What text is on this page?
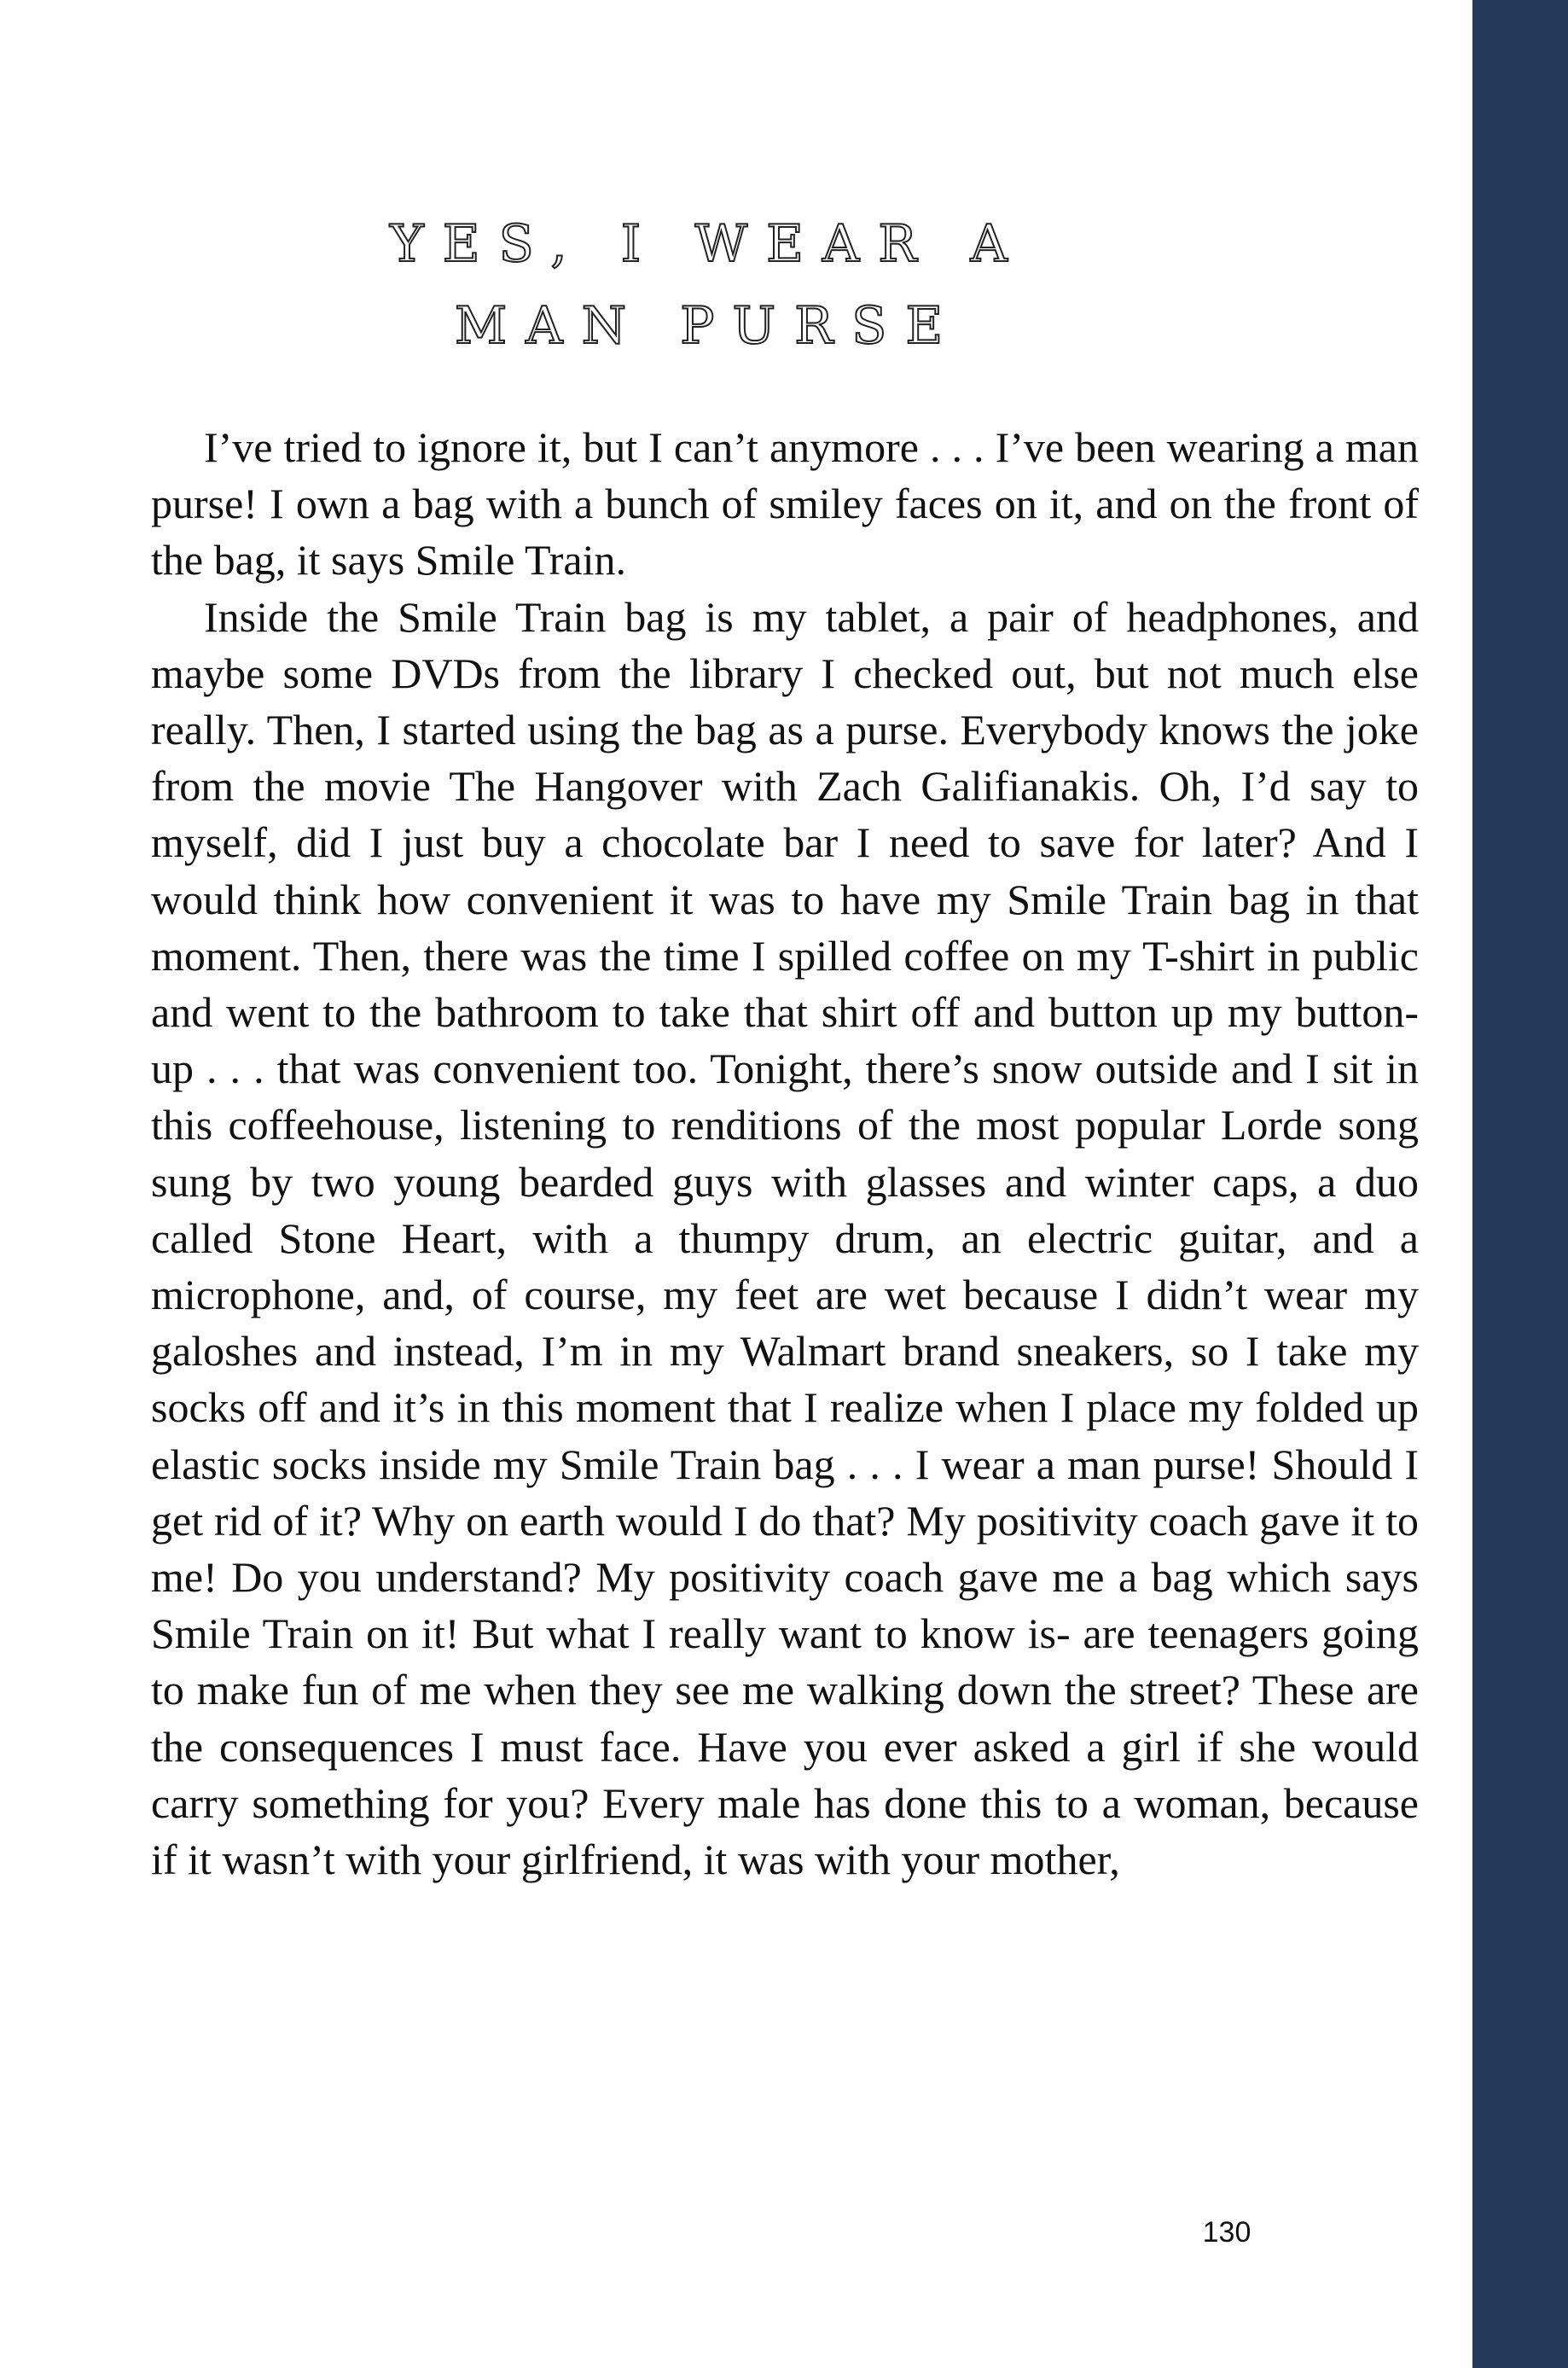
YES, I WEAR A
MAN PURSE

I’ve tried to ignore it, but I can’t anymore . . . I’ve been wearing a man purse! I own a bag with a bunch of smiley faces on it, and on the front of the bag, it says Smile Train.

Inside the Smile Train bag is my tablet, a pair of headphones, and maybe some DVDs from the library I checked out, but not much else really. Then, I started using the bag as a purse. Everybody knows the joke from the movie The Hangover with Zach Galifianakis. Oh, I’d say to myself, did I just buy a chocolate bar I need to save for later? And I would think how convenient it was to have my Smile Train bag in that moment. Then, there was the time I spilled coffee on my T-shirt in public and went to the bathroom to take that shirt off and button up my button-up . . . that was convenient too. Tonight, there’s snow outside and I sit in this coffeehouse, listening to renditions of the most popular Lorde song sung by two young bearded guys with glasses and winter caps, a duo called Stone Heart, with a thumpy drum, an electric guitar, and a microphone, and, of course, my feet are wet because I didn’t wear my galoshes and instead, I’m in my Walmart brand sneakers, so I take my socks off and it’s in this moment that I realize when I place my folded up elastic socks inside my Smile Train bag . . . I wear a man purse! Should I get rid of it? Why on earth would I do that? My positivity coach gave it to me! Do you understand? My positivity coach gave me a bag which says Smile Train on it! But what I really want to know is- are teenagers going to make fun of me when they see me walking down the street? These are the consequences I must face. Have you ever asked a girl if she would carry something for you? Every male has done this to a woman, because if it wasn’t with your girlfriend, it was with your mother,

130
